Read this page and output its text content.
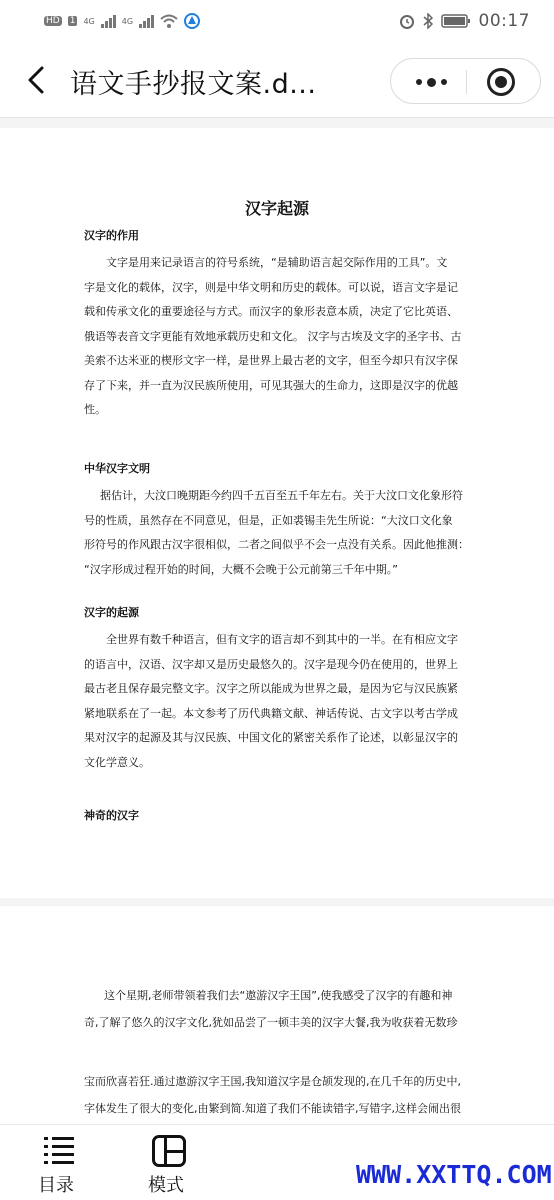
HD 1 4G	4G	00:17
语文手抄报文案.d...
汉字起源
汉字的作用
文字是用来记录语言的符号系统，“是辅助语言起交际作用的工具”。文
字是文化的载体，汉字，则是中华文明和历史的载体。可以说，语言文字是记
载和传承文化的重要途径与方式。而汉字的象形表意本质，决定了它比英语、
俄语等表音文字更能有效地承载历史和文化。 汉字与古埃及文字的圣字书、古
美索不达米亚的楔形文字一样，是世界上最古老的文字，但至今却只有汉字保
存了下来，并一直为汉民族所使用，可见其强大的生命力，这即是汉字的优越
性。
中华汉字文明
据估计，大汶口晚期距今约四千五百至五千年左右。关于大汶口文化象形符
号的性质，虽然存在不同意见，但是，正如裘锡圭先生所说：“大汶口文化象
形符号的作风跟古汉字很相似，二者之间似乎不会一点没有关系。因此他推测：
“汉字形成过程开始的时间，大概不会晚于公元前第三千年中期。”
汉字的起源
全世界有数千种语言，但有文字的语言却不到其中的一半。在有相应文字
的语言中，汉语、汉字却又是历史最悠久的。汉字是现今仍在使用的，世界上
最古老且保存最完整文字。汉字之所以能成为世界之最，是因为它与汉民族紧
紧地联系在了一起。本文参考了历代典籍文献、神话传说、古文字以考古学成
果对汉字的起源及其与汉民族、中国文化的紧密关系作了论述，以彰显汉字的
文化学意义。
神奇的汉字
这个星期,老师带领着我们去“遨游汉字王国”,使我感受了汉字的有趣和神
奇,了解了悠久的汉字文化,犹如品尝了一顿丰美的汉字大餐,我为收获着无数珍
宝而欣喜若狂.通过遨游汉字王国,我知道汉字是仓颉发现的,在几千年的历史中,
字体发生了很大的变化,由繁到简.知道了我们不能读错字,写错字,这样会闹出很
目录	模式	WWW.XXTTQ.COM
